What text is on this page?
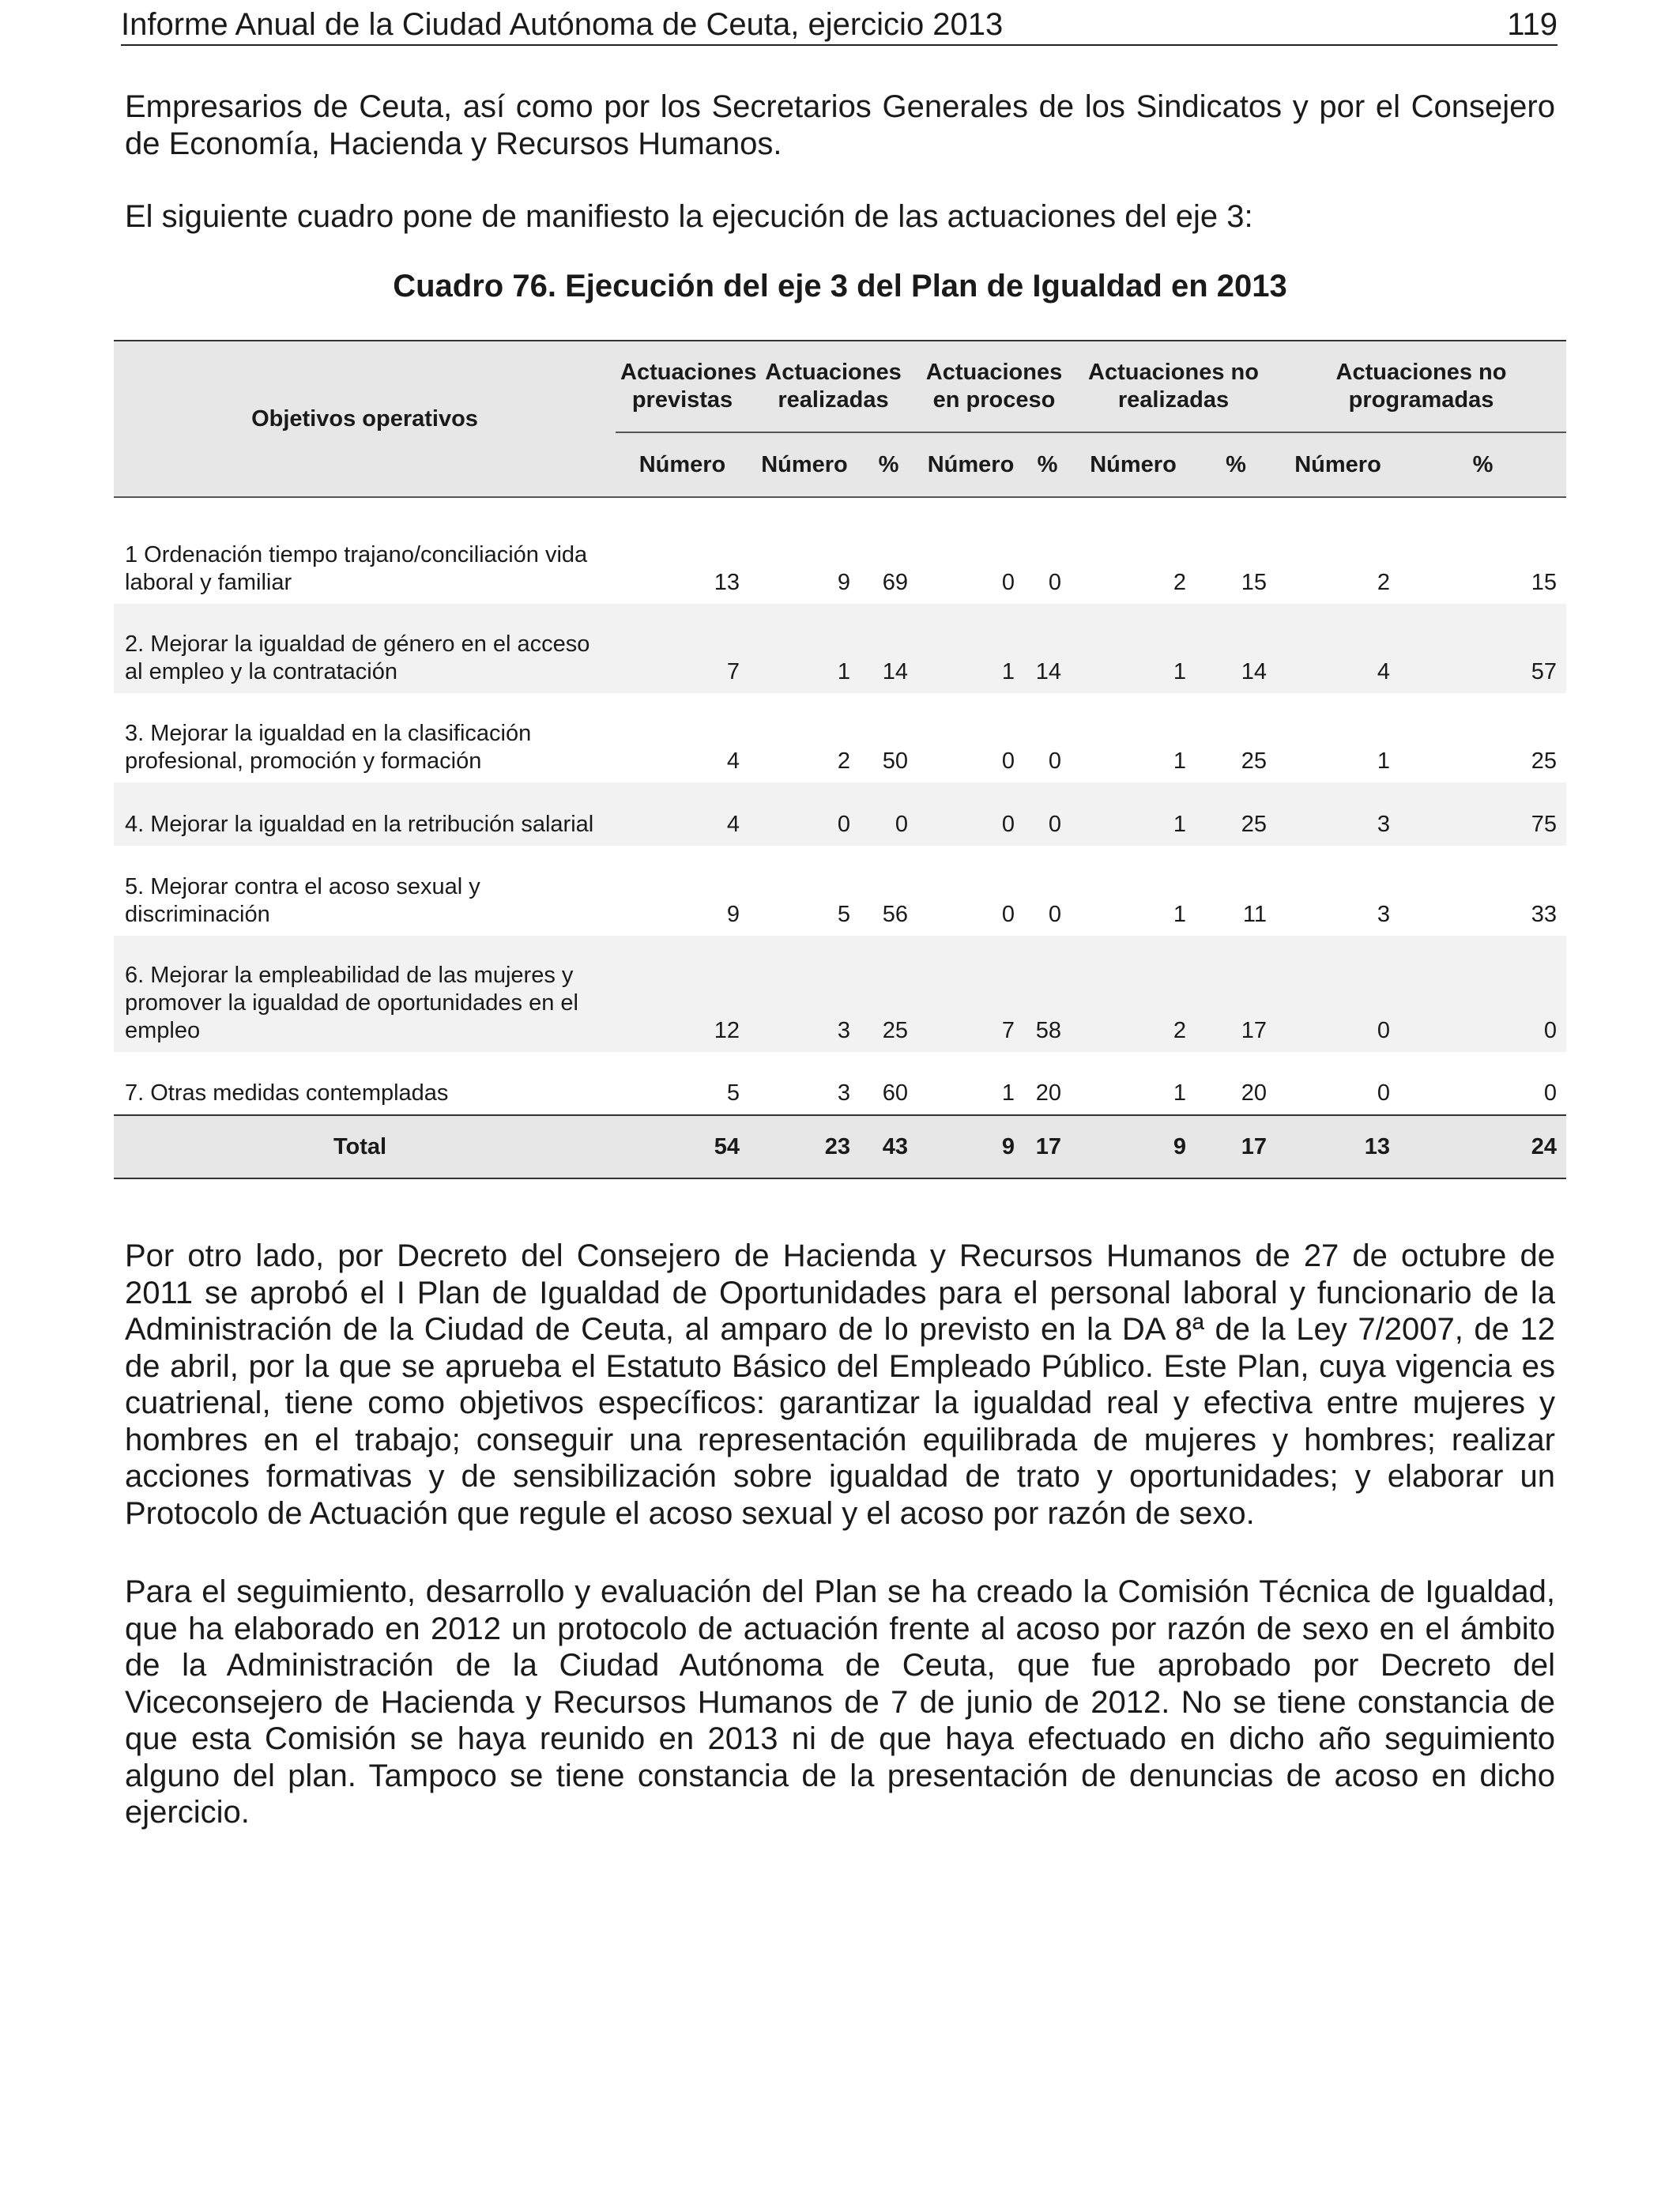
Informe Anual de la Ciudad Autónoma de Ceuta, ejercicio 2013	119

Empresarios de Ceuta, así como por los Secretarios Generales de los Sindicatos y por el Consejero de Economía, Hacienda y Recursos Humanos.

El siguiente cuadro pone de manifiesto la ejecución de las actuaciones del eje 3:

Cuadro 76. Ejecución del eje 3 del Plan de Igualdad en 2013

Objetivos operativos	Actuaciones previstas	Actuaciones realizadas		Actuaciones en proceso		Actuaciones no realizadas		Actuaciones no programadas	
	Número	Número	%	Número	%	Número	%	Número	%
1 Ordenación tiempo trajano/conciliación vida laboral y familiar	13	9	69	0	0	2	15	2	15
2. Mejorar la igualdad de género en el acceso al empleo y la contratación	7	1	14	1	14	1	14	4	57
3. Mejorar la igualdad en la clasificación profesional, promoción y formación	4	2	50	0	0	1	25	1	25
4. Mejorar la igualdad en la retribución salarial	4	0	0	0	0	1	25	3	75
5. Mejorar contra el acoso sexual y discriminación	9	5	56	0	0	1	11	3	33
6. Mejorar la empleabilidad de las mujeres y promover la igualdad de oportunidades en el empleo	12	3	25	7	58	2	17	0	0
7. Otras medidas contempladas	5	3	60	1	20	1	20	0	0
Total	54	23	43	9	17	9	17	13	24

Por otro lado, por Decreto del Consejero de Hacienda y Recursos Humanos de 27 de octubre de 2011 se aprobó el I Plan de Igualdad de Oportunidades para el personal laboral y funcionario de la Administración de la Ciudad de Ceuta, al amparo de lo previsto en la DA 8ª de la Ley 7/2007, de 12 de abril, por la que se aprueba el Estatuto Básico del Empleado Público. Este Plan, cuya vigencia es cuatrienal, tiene como objetivos específicos: garantizar la igualdad real y efectiva entre mujeres y hombres en el trabajo; conseguir una representación equilibrada de mujeres y hombres; realizar acciones formativas y de sensibilización sobre igualdad de trato y oportunidades; y elaborar un Protocolo de Actuación que regule el acoso sexual y el acoso por razón de sexo.

Para el seguimiento, desarrollo y evaluación del Plan se ha creado la Comisión Técnica de Igualdad, que ha elaborado en 2012 un protocolo de actuación frente al acoso por razón de sexo en el ámbito de la Administración de la Ciudad Autónoma de Ceuta, que fue aprobado por Decreto del Viceconsejero de Hacienda y Recursos Humanos de 7 de junio de 2012. No se tiene constancia de que esta Comisión se haya reunido en 2013 ni de que haya efectuado en dicho año seguimiento alguno del plan. Tampoco se tiene constancia de la presentación de denuncias de acoso en dicho ejercicio.
